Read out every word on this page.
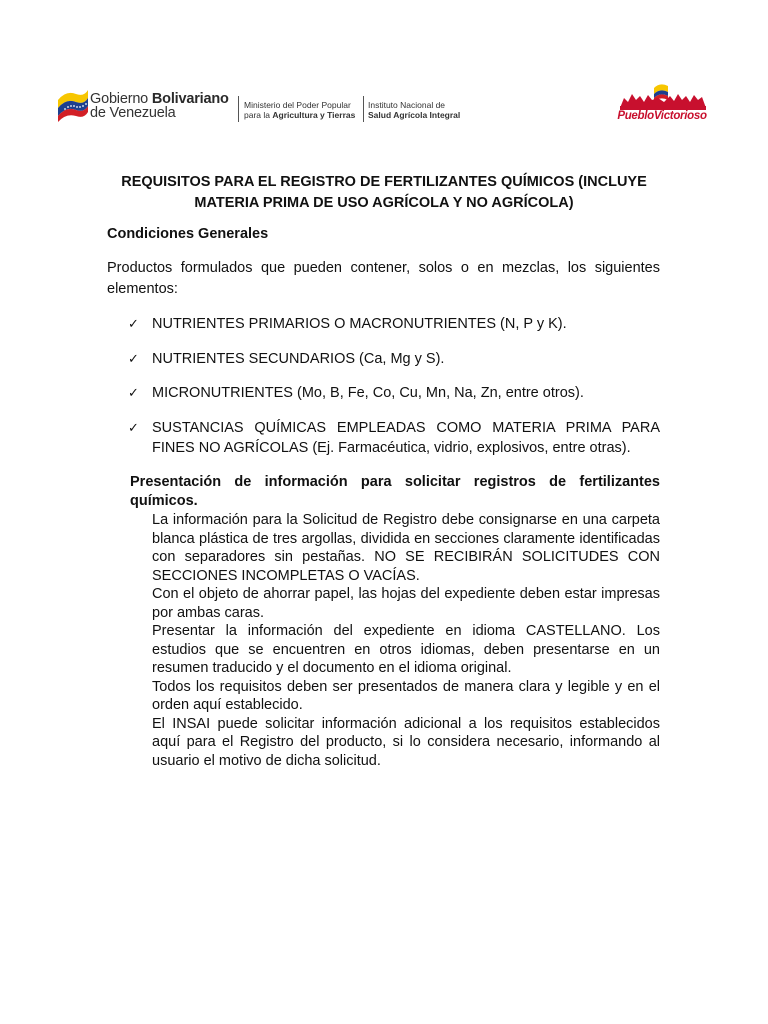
Gobierno Bolivariano
de Venezuela	Ministerio del Poder Popular
para la Agricultura y Tierras
Instituto Nacional de
Salud Agrícola Integral	PuebloVictorioso
REQUISITOS PARA EL REGISTRO DE FERTILIZANTES QUÍMICOS (INCLUYE MATERIA PRIMA DE USO AGRÍCOLA Y NO AGRÍCOLA)
Condiciones Generales
Productos formulados que pueden contener, solos o en mezclas, los siguientes elementos:
✓ NUTRIENTES PRIMARIOS O MACRONUTRIENTES (N, P y K).
✓ NUTRIENTES SECUNDARIOS (Ca, Mg y S).
✓ MICRONUTRIENTES (Mo, B, Fe, Co, Cu, Mn, Na, Zn, entre otros).
✓ SUSTANCIAS QUÍMICAS EMPLEADAS COMO MATERIA PRIMA PARA FINES NO AGRÍCOLAS (Ej. Farmacéutica, vidrio, explosivos, entre otras).
Presentación de información para solicitar registros de fertilizantes químicos.

La información para la Solicitud de Registro debe consignarse en una carpeta blanca plástica de tres argollas, dividida en secciones claramente identificadas con separadores sin pestañas. NO SE RECIBIRÁN SOLICITUDES CON SECCIONES INCOMPLETAS O VACÍAS.

Con el objeto de ahorrar papel, las hojas del expediente deben estar impresas por ambas caras.

Presentar la información del expediente en idioma CASTELLANO. Los estudios que se encuentren en otros idiomas, deben presentarse en un resumen traducido y el documento en el idioma original.

Todos los requisitos deben ser presentados de manera clara y legible y en el orden aquí establecido.

El INSAI puede solicitar información adicional a los requisitos establecidos aquí para el Registro del producto, si lo considera necesario, informando al usuario el motivo de dicha solicitud.
